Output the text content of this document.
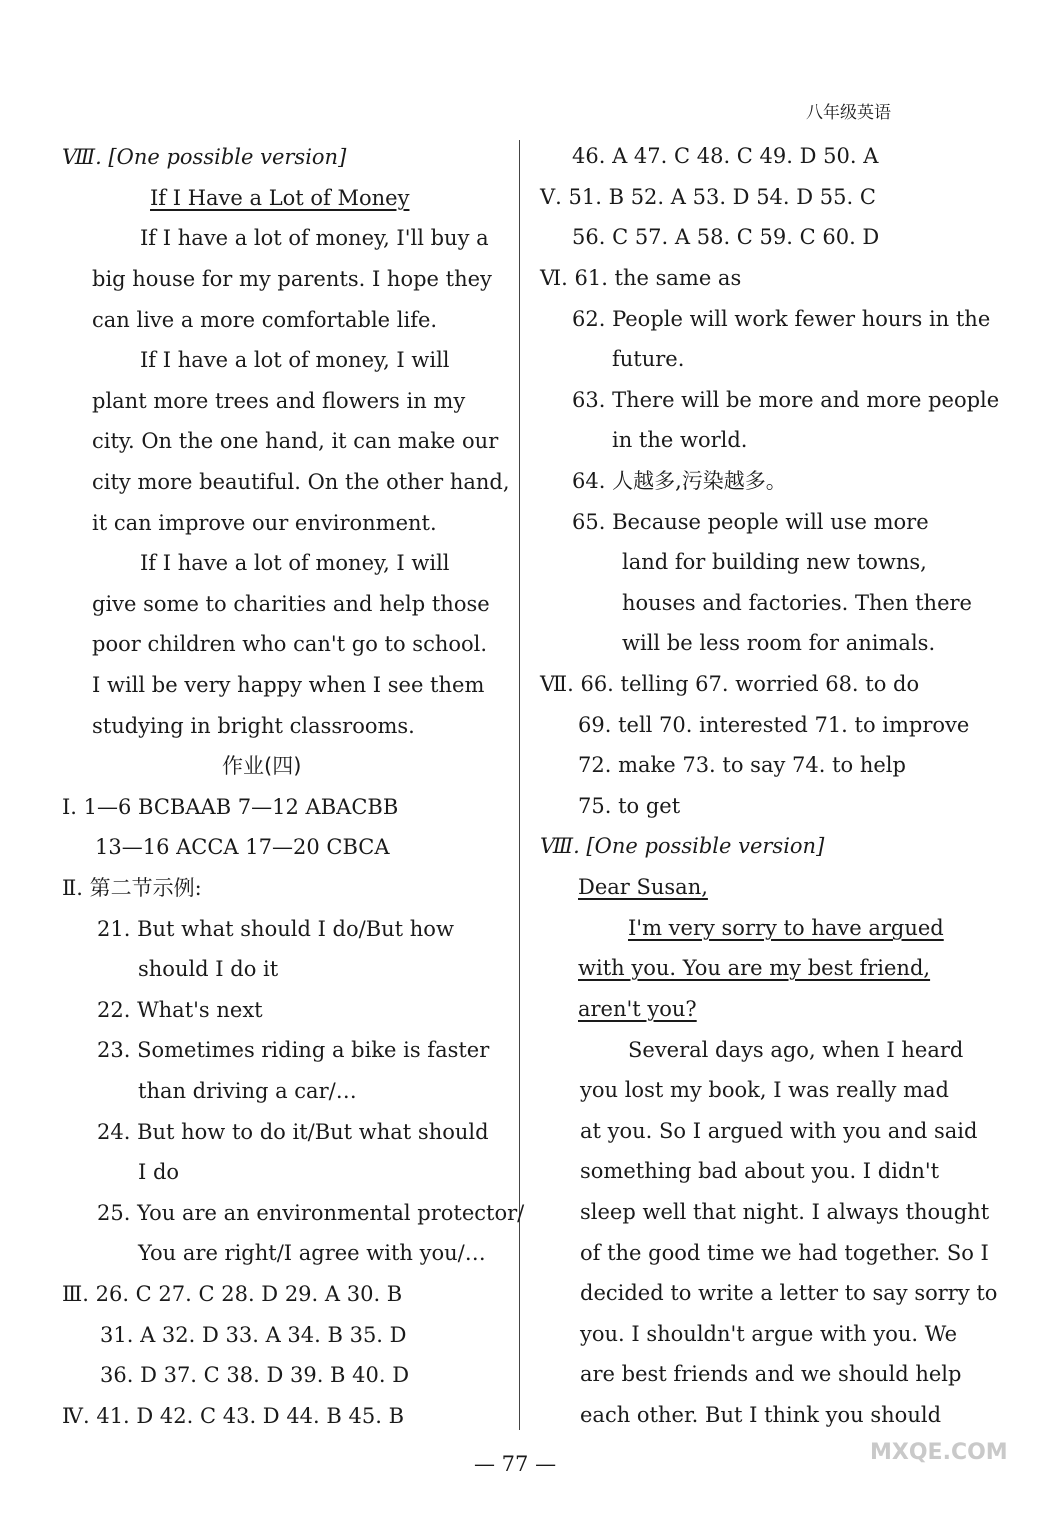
八年级英语
Ⅷ. [One possible version]
If I Have a Lot of Money
If I have a lot of money, I'll buy a
big house for my parents. I hope they
can live a more comfortable life.
If I have a lot of money, I will
plant more trees and flowers in my
city. On the one hand, it can make our
city more beautiful. On the other hand,
it can improve our environment.
If I have a lot of money, I will
give some to charities and help those
poor children who can't go to school.
I will be very happy when I see them
studying in bright classrooms.
作业(四)
Ⅰ. 1—6 BCBAAB 7—12 ABACBB
13—16 ACCA 17—20 CBCA
Ⅱ. 第二节示例:
21. But what should I do/But how
should I do it
22. What's next
23. Sometimes riding a bike is faster
than driving a car/…
24. But how to do it/But what should
I do
25. You are an environmental protector/
You are right/I agree with you/…
Ⅲ. 26. C 27. C 28. D 29. A 30. B
31. A 32. D 33. A 34. B 35. D
36. D 37. C 38. D 39. B 40. D
Ⅳ. 41. D 42. C 43. D 44. B 45. B
46. A 47. C 48. C 49. D 50. A
Ⅴ. 51. B 52. A 53. D 54. D 55. C
56. C 57. A 58. C 59. C 60. D
Ⅵ. 61. the same as
62. People will work fewer hours in the
future.
63. There will be more and more people
in the world.
64. 人越多,污染越多。
65. Because people will use more
land for building new towns,
houses and factories. Then there
will be less room for animals.
Ⅶ. 66. telling 67. worried 68. to do
69. tell 70. interested 71. to improve
72. make 73. to say 74. to help
75. to get
Ⅷ. [One possible version]
Dear Susan,
I'm very sorry to have argued
with you. You are my best friend,
aren't you?
Several days ago, when I heard
you lost my book, I was really mad
at you. So I argued with you and said
something bad about you. I didn't
sleep well that night. I always thought
of the good time we had together. So I
decided to write a letter to say sorry to
you. I shouldn't argue with you. We
are best friends and we should help
each other. But I think you should
— 77 —	MXQE.COM
